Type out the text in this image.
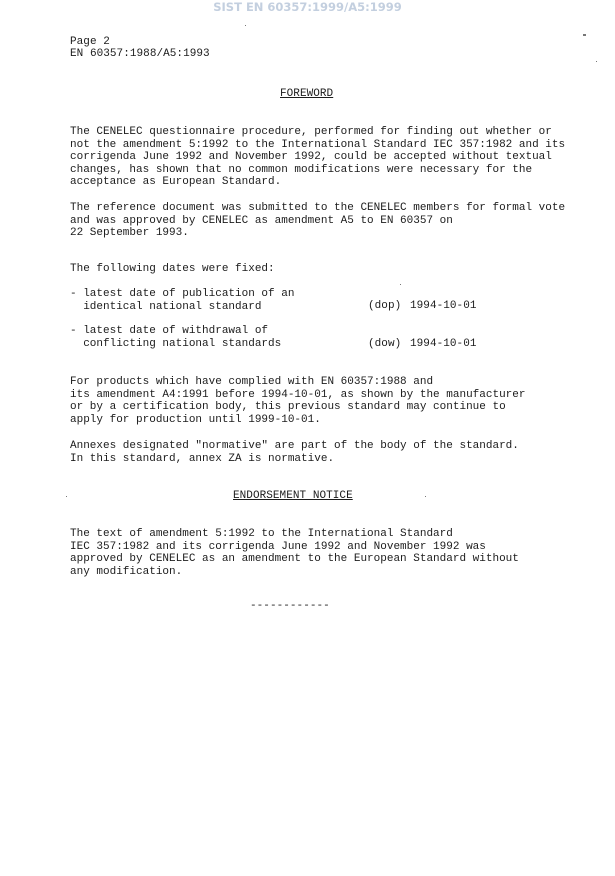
SIST EN 60357:1999/A5:1999
Page 2
EN 60357:1988/A5:1993
FOREWORD
The CENELEC questionnaire procedure, performed for finding out whether or
not the amendment 5:1992 to the International Standard IEC 357:1982 and its
corrigenda June 1992 and November 1992, could be accepted without textual
changes, has shown that no common modifications were necessary for the
acceptance as European Standard.
The reference document was submitted to the CENELEC members for formal vote
and was approved by CENELEC as amendment A5 to EN 60357 on
22 September 1993.
The following dates were fixed:
- latest date of publication of an
identical national standard	(dop) 1994-10-01
- latest date of withdrawal of
conflicting national standards	(dow) 1994-10-01
For products which have complied with EN 60357:1988 and
its amendment A4:1991 before 1994-10-01, as shown by the manufacturer
or by a certification body, this previous standard may continue to
apply for production until 1999-10-01.
Annexes designated "normative" are part of the body of the standard.
In this standard, annex ZA is normative.
ENDORSEMENT NOTICE
The text of amendment 5:1992 to the International Standard
IEC 357:1982 and its corrigenda June 1992 and November 1992 was
approved by CENELEC as an amendment to the European Standard without
any modification.
------------
